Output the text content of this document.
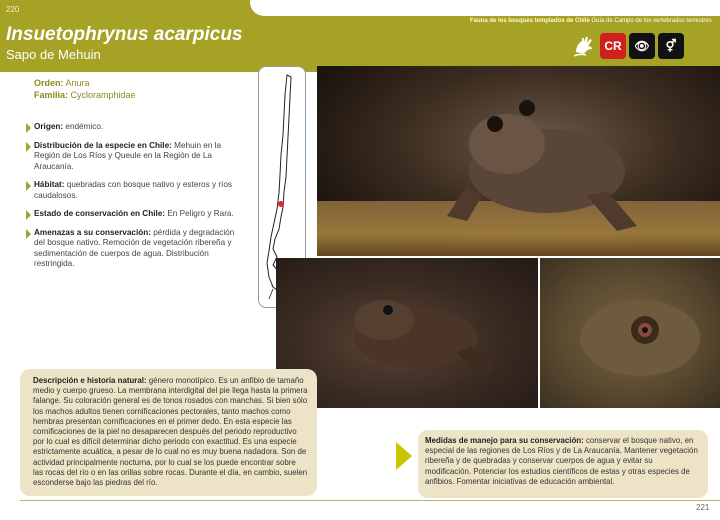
220
Fauna de los bosques templados de Chile Guía de Campo de los vertebrados terrestres
Insuetophrynus acarpicus
Sapo de Mehuin
CR	👁	⚥
Orden: Anura
Familia: Cycloramphidae
Origen: endémico.
Distribución de la especie en Chile: Mehuin en la Región de Los Ríos y Queule en la Región de La Araucanía.
Hábitat: quebradas con bosque nativo y esteros y ríos caudalosos.
Estado de conservación en Chile: En Peligro y Rara.
Amenazas a su conservación: pérdida y degradación del bosque nativo. Remoción de vegetación ribereña y sedimentación de cuerpos de agua. Distribución restringida.
Descripción e historia natural: género monotípico. Es un anfibio de tamaño medio y cuerpo grueso. La membrana interdigital del pie llega hasta la primera falange. Su coloración general es de tonos rosados con manchas. Si bien sólo los machos adultos tienen cornificaciones pectorales, tanto machos como hembras presentan cornificaciones en el primer dedo. En esta especie las cornificaciones de la piel no desaparecen después del periodo reproductivo por lo cual es difícil determinar dicho periodo con exactitud. Es una especie estrictamente acuática, a pesar de lo cual no es muy buena nadadora. Son de actividad principalmente nocturna, por lo cual se los puede encontrar sobre las rocas del río o en las orillas sobre rocas. Durante el día, en cambio, suelen esconderse bajo las piedras del río.
Medidas de manejo para su conservación: conservar el bosque nativo, en especial de las regiones de Los Ríos y de La Araucanía. Mantener vegetación ribereña y de quebradas y conservar cuerpos de agua y evitar su modificación. Potenciar los estudios científicos de estas y otras especies de anfibios. Fomentar iniciativas de educación ambiental.
221
